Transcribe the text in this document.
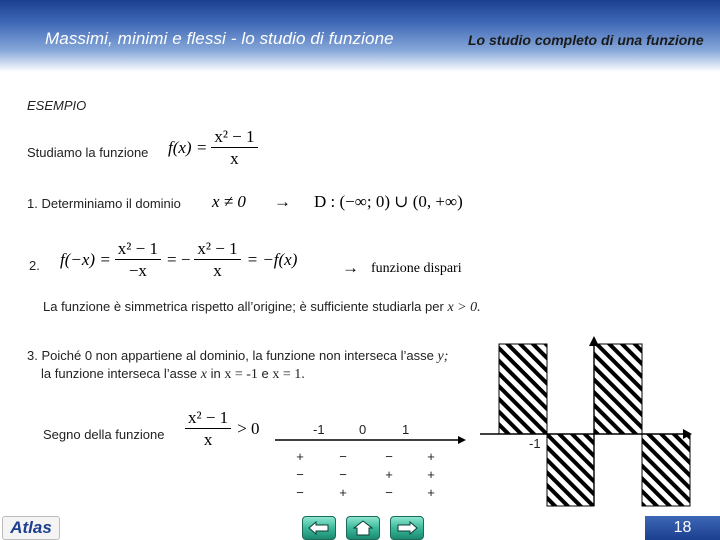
Massimi, minimi e flessi - lo studio di funzione	Lo studio completo di una funzione
ESEMPIO
Studiamo la funzione $f(x) = \frac{\text{x² − 1}}{x}$
1. Determiniamo il dominio x ≠ 0 → D : (−∞; 0) ∪ (0, +∞)
2. $f(-x) = \frac{\text{x² − 1}}{-x}$ = − $\frac{\text{x² − 1}}{x} = -f(x)$	→ funzione dispari
La funzione è simmetrica rispetto all’origine; è sufficiente studiarla per x > 0.
3. Poiché 0 non appartiene al dominio, la funzione non interseca l’asse y;
la funzione interseca l’asse x in x = -1 e x = 1.
Segno della funzione $\frac{\text{x² − 1}}{x} > 0$	-1	0	1
+	−	−	+
−	−	+	+
−	+	−	+
-1
Atlas	18
